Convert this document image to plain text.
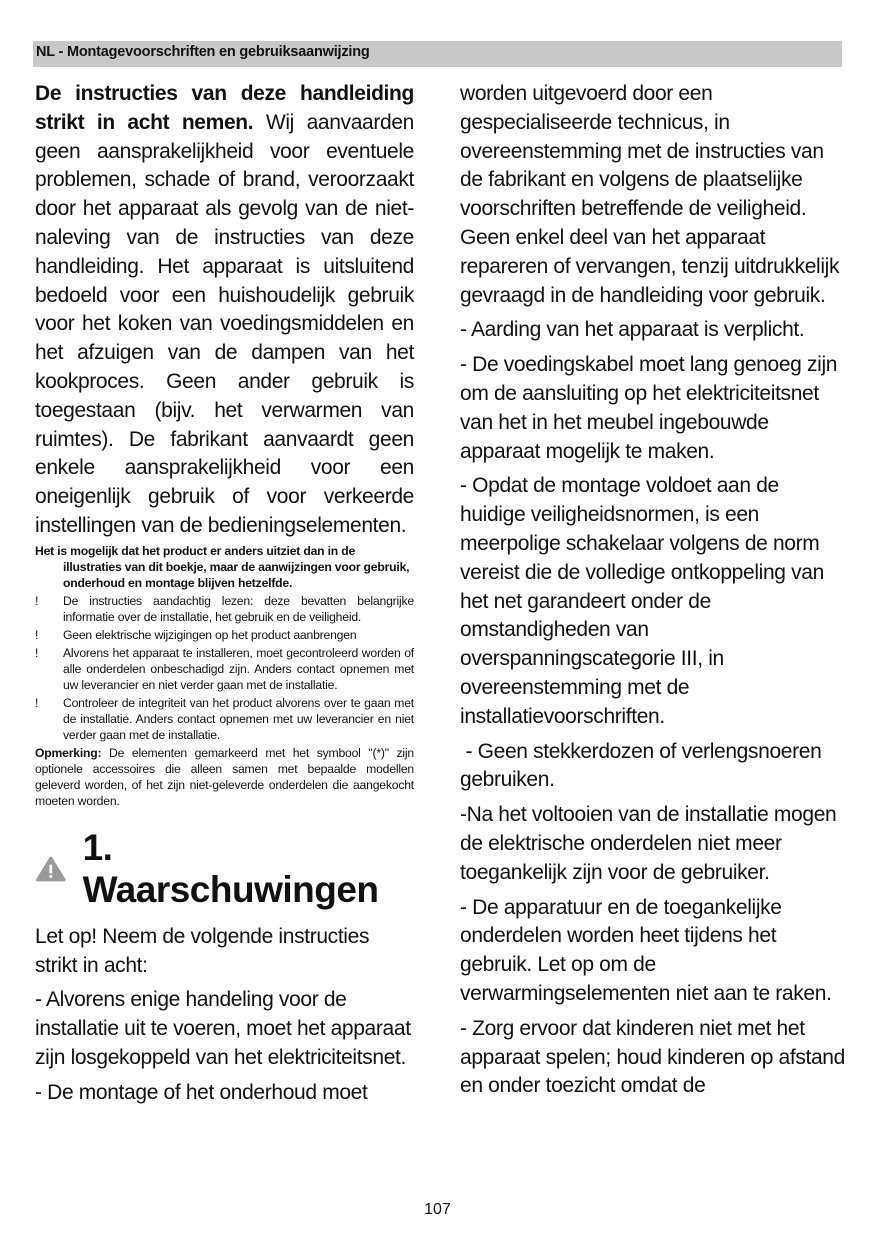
NL - Montagevoorschriften en gebruiksaanwijzing

De instructies van deze handleiding strikt in acht nemen. Wij aanvaarden geen aansprakelijkheid voor eventuele problemen, schade of brand, veroorzaakt door het apparaat als gevolg van de niet-naleving van de instructies van deze handleiding. Het apparaat is uitsluitend bedoeld voor een huishoudelijk gebruik voor het koken van voedingsmiddelen en het afzuigen van de dampen van het kookproces. Geen ander gebruik is toegestaan (bijv. het verwarmen van ruimtes). De fabrikant aanvaardt geen enkele aansprakelijkheid voor een oneigenlijk gebruik of voor verkeerde instellingen van de bedieningselementen.

Het is mogelijk dat het product er anders uitziet dan in de
illustraties van dit boekje, maar de aanwijzingen voor gebruik, onderhoud en montage blijven hetzelfde.

!	De instructies aandachtig lezen: deze bevatten belangrijke informatie over de installatie, het gebruik en de veiligheid.
!	Geen elektrische wijzigingen op het product aanbrengen
!	Alvorens het apparaat te installeren, moet gecontroleerd worden of alle onderdelen onbeschadigd zijn. Anders contact opnemen met uw leverancier en niet verder gaan met de installatie.
!	Controleer de integriteit van het product alvorens over te gaan met de installatie. Anders contact opnemen met uw leverancier en niet verder gaan met de installatie.

Opmerking: De elementen gemarkeerd met het symbool "(*)" zijn optionele accessoires die alleen samen met bepaalde modellen geleverd worden, of het zijn niet-geleverde onderdelen die aangekocht moeten worden.

1. Waarschuwingen

Let op! Neem de volgende instructies strikt in acht:

- Alvorens enige handeling voor de installatie uit te voeren, moet het apparaat zijn losgekoppeld van het elektriciteitsnet.

- De montage of het onderhoud moet

worden uitgevoerd door een gespecialiseerde technicus, in overeenstemming met de instructies van de fabrikant en volgens de plaatselijke voorschriften betreffende de veiligheid. Geen enkel deel van het apparaat repareren of vervangen, tenzij uitdrukkelijk gevraagd in de handleiding voor gebruik.

- Aarding van het apparaat is verplicht.

- De voedingskabel moet lang genoeg zijn om de aansluiting op het elektriciteitsnet van het in het meubel ingebouwde apparaat mogelijk te maken.

- Opdat de montage voldoet aan de huidige veiligheidsnormen, is een meerpolige schakelaar volgens de norm vereist die de volledige ontkoppeling van het net garandeert onder de omstandigheden van overspanningscategorie III, in overeenstemming met de installatievoorschriften.

- Geen stekkerdozen of verlengsnoeren gebruiken.

-Na het voltooien van de installatie mogen de elektrische onderdelen niet meer toegankelijk zijn voor de gebruiker.

- De apparatuur en de toegankelijke onderdelen worden heet tijdens het gebruik. Let op om de verwarmingselementen niet aan te raken.

- Zorg ervoor dat kinderen niet met het apparaat spelen; houd kinderen op afstand en onder toezicht omdat de

107
